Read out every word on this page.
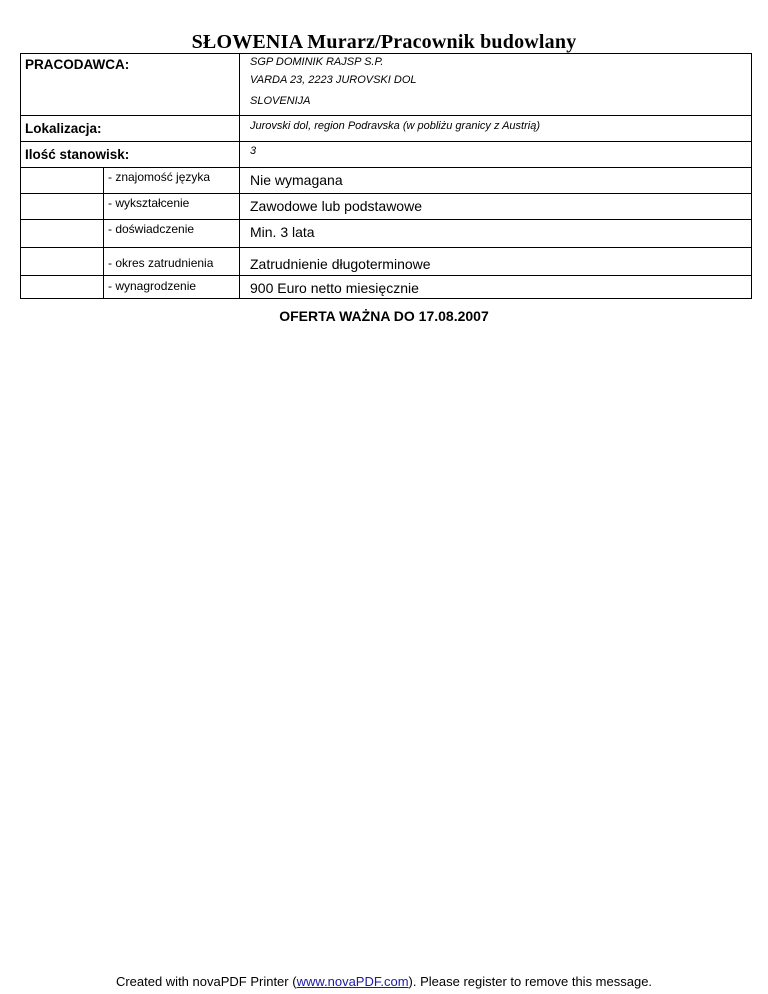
SŁOWENIA Murarz/Pracownik budowlany
PRACODAWCA:	SGP DOMINIK RAJSP S.P.
VARDA 23, 2223 JUROVSKI DOL
SLOVENIJA
Lokalizacja:	Jurovski dol, region Podravska (w pobliżu granicy z Austrią)
Ilość stanowisk:	3
- znajomość języka	Nie wymagana
- wykształcenie	Zawodowe lub podstawowe
- doświadczenie	Min. 3 lata
- okres zatrudnienia	Zatrudnienie długoterminowe
- wynagrodzenie	900 Euro netto miesięcznie
OFERTA WAŻNA DO 17.08.2007
Created with novaPDF Printer (www.novaPDF.com). Please register to remove this message.
